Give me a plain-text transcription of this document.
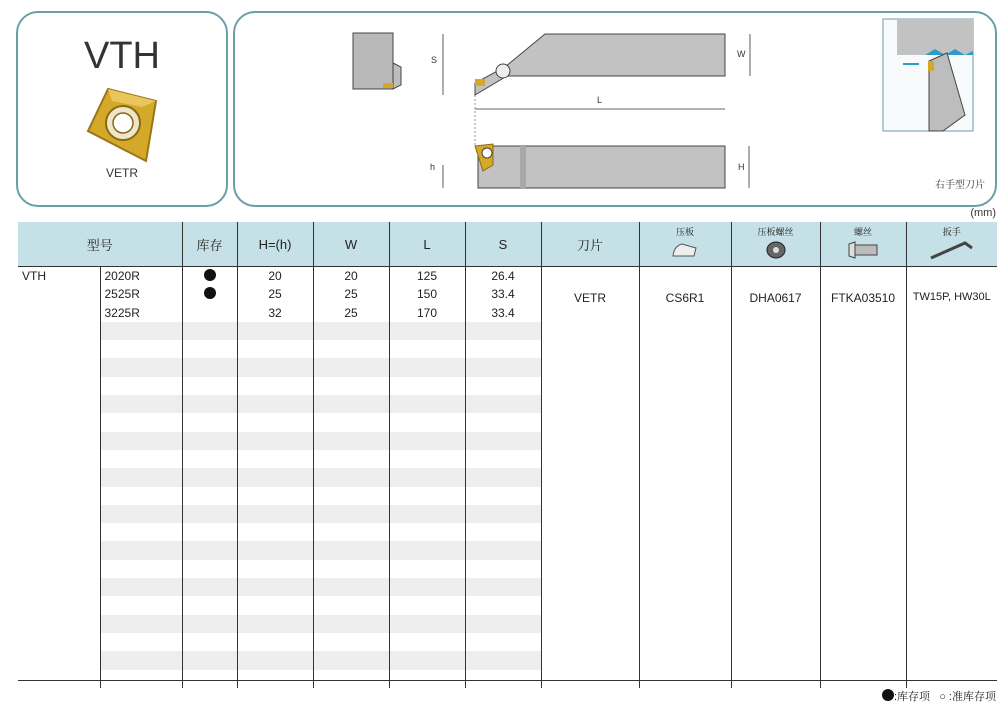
VTH
VETR
S
W
L
h	H
右手型刀片
(mm)
型号		库存	H=(h)	W	L	S	刀片	压板	压板螺丝	螺丝	扳手

VTH	2020R		20	20	125	26.4	VETR	CS6R1	DHA0617	FTKA03510	TW15P, HW30L
	2525R		25	25	150	33.4					
	3225R		32	25	170	33.4					

:库存项 ○ :准库存项
